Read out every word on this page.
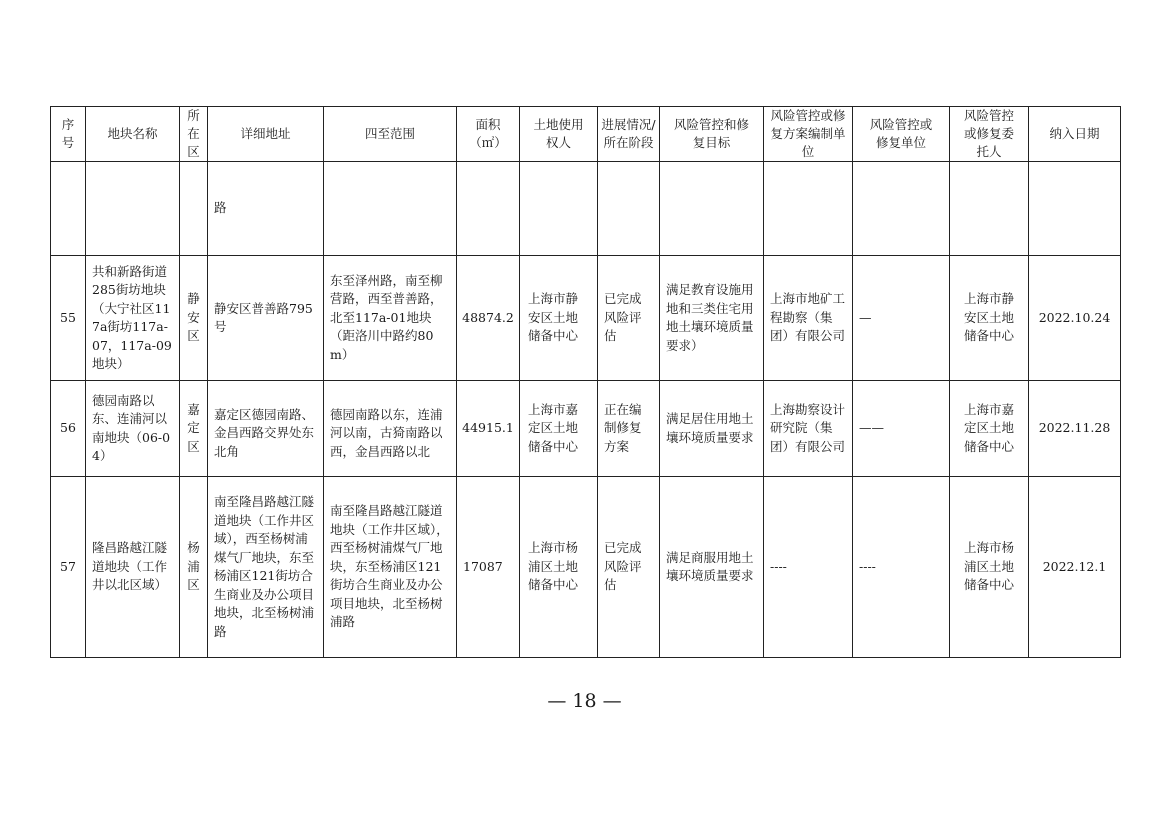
序号	地块名称	所在区	详细地址	四至范围	面积（㎡）	土地使用权人	进展情况/所在阶段	风险管控和修复目标	风险管控或修复方案编制单位	风险管控或修复单位	风险管控或修复委托人	纳入日期
			路									
55	共和新路街道285街坊地块（大宁社区117a街坊117a-07，117a-09地块）	静安区	静安区普善路795号	东至泽州路，南至柳营路，西至普善路，北至117a-01地块（距洛川中路约80 m）	48874.2	上海市静安区土地储备中心	已完成风险评估	满足教育设施用地和三类住宅用地土壤环境质量要求）	上海市地矿工程勘察（集团）有限公司	—	上海市静安区土地储备中心	2022.10.24
56	德园南路以东、连浦河以南地块（06-04）	嘉定区	嘉定区德园南路、金昌西路交界处东北角	德园南路以东，连浦河以南，古猗南路以西，金昌西路以北	44915.1	上海市嘉定区土地储备中心	正在编制修复方案	满足居住用地土壤环境质量要求	上海勘察设计研究院（集团）有限公司	——	上海市嘉定区土地储备中心	2022.11.28
57	隆昌路越江隧道地块（工作井以北区域）	杨浦区	南至隆昌路越江隧道地块（工作井区域），西至杨树浦煤气厂地块，东至杨浦区121街坊合生商业及办公项目地块，北至杨树浦路	南至隆昌路越江隧道地块（工作井区域），西至杨树浦煤气厂地块，东至杨浦区121街坊合生商业及办公项目地块，北至杨树浦路	17087	上海市杨浦区土地储备中心	已完成风险评估	满足商服用地土壤环境质量要求	----	----	上海市杨浦区土地储备中心	2022.12.1
— 18 —
